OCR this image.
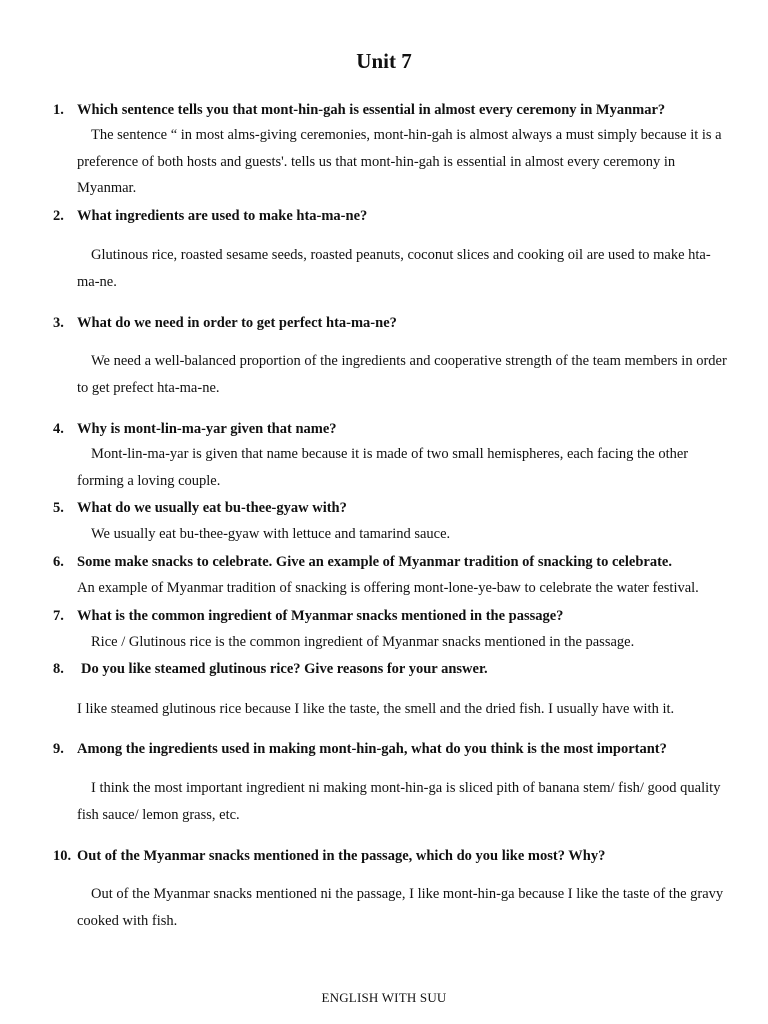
Unit 7
1. Which sentence tells you that mont-hin-gah is essential in almost every ceremony in Myanmar?
The sentence “ in most alms-giving ceremonies, mont-hin-gah is almost always a must simply because it is a preference of both hosts and guests'. tells us that mont-hin-gah is essential in almost every ceremony in Myanmar.
2. What ingredients are used to make hta-ma-ne?
Glutinous rice, roasted sesame seeds, roasted peanuts, coconut slices and cooking oil are used to make hta-ma-ne.
3. What do we need in order to get perfect hta-ma-ne?
We need a well-balanced proportion of the ingredients and cooperative strength of the team members in order to get prefect hta-ma-ne.
4. Why is mont-lin-ma-yar given that name?
Mont-lin-ma-yar is given that name because it is made of two small hemispheres, each facing the other forming a loving couple.
5. What do we usually eat bu-thee-gyaw with?
We usually eat bu-thee-gyaw with lettuce and tamarind sauce.
6. Some make snacks to celebrate. Give an example of Myanmar tradition of snacking to celebrate.
An example of Myanmar tradition of snacking is offering mont-lone-ye-baw to celebrate the water festival.
7. What is the common ingredient of Myanmar snacks mentioned in the passage?
Rice / Glutinous rice is the common ingredient of Myanmar snacks mentioned in the passage.
8. Do you like steamed glutinous rice? Give reasons for your answer.
I like steamed glutinous rice because I like the taste, the smell and the dried fish. I usually have with it.
9. Among the ingredients used in making mont-hin-gah, what do you think is the most important?
I think the most important ingredient ni making mont-hin-ga is sliced pith of banana stem/ fish/ good quality fish sauce/ lemon grass, etc.
10. Out of the Myanmar snacks mentioned in the passage, which do you like most? Why?
Out of the Myanmar snacks mentioned ni the passage, I like mont-hin-ga because I like the taste of the gravy cooked with fish.
ENGLISH WITH SUU
